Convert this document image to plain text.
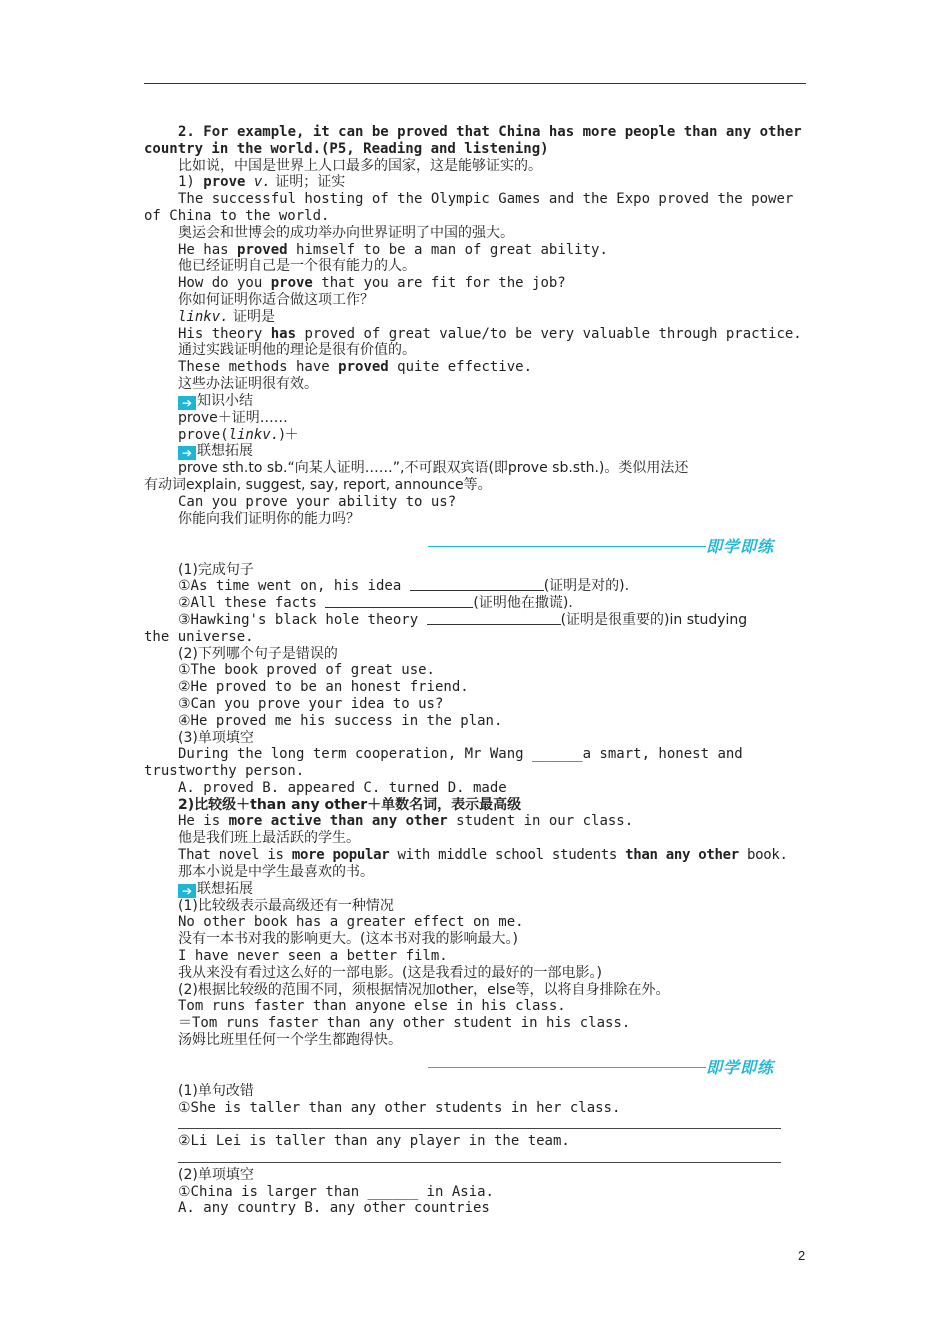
2. For example, it can be proved that China has more people than any other
country in the world.(P5, Reading and listening)
比如说，中国是世界上人口最多的国家，这是能够证实的。
1) prove v. 证明；证实
The successful hosting of the Olympic Games and the Expo proved the power
of China to the world.
奥运会和世博会的成功举办向世界证明了中国的强大。
He has proved himself to be a man of great ability.
他已经证明自己是一个很有能力的人。
How do you prove that you are fit for the job?
你如何证明你适合做这项工作？
linkv. 证明是
His theory has proved of great value/to be very valuable through practice.
通过实践证明他的理论是很有价值的。
These methods have proved quite effective.
这些办法证明很有效。
➔ 知识小结
prove＋证明……
prove(linkv.)＋
➔ 联想拓展
prove sth.to sb.“向某人证明……”,不可跟双宾语(即prove sb.sth.)。类似用法还
有动词explain, suggest, say, report, announce等。
Can you prove your ability to us?
你能向我们证明你的能力吗？
即学即练
(1)完成句子
①As time went on, his idea	(证明是对的).
②All these facts	(证明他在撒谎).
③Hawking's black hole theory	(证明是很重要的)in studying
the universe.
(2)下列哪个句子是错误的
①The book proved of great use.
②He proved to be an honest friend.
③Can you prove your idea to us?
④He proved me his success in the plan.
(3)单项填空
During the long term cooperation, Mr Wang ______a smart, honest and
trustworthy person.
A. proved B. appeared C. turned D. made
2)比较级＋than any other＋单数名词，表示最高级
He is more active than any other student in our class.
他是我们班上最活跃的学生。
That novel is more popular with middle school students than any other book.
那本小说是中学生最喜欢的书。
➔ 联想拓展
(1)比较级表示最高级还有一种情况
No other book has a greater effect on me.
没有一本书对我的影响更大。(这本书对我的影响最大。)
I have never seen a better film.
我从来没有看过这么好的一部电影。(这是我看过的最好的一部电影。)
(2)根据比较级的范围不同，须根据情况加other，else等，以将自身排除在外。
Tom runs faster than anyone else in his class.
＝Tom runs faster than any other student in his class.
汤姆比班里任何一个学生都跑得快。
即学即练
(1)单句改错
①She is taller than any other students in her class.
②Li Lei is taller than any player in the team.
(2)单项填空
①China is larger than ______ in Asia.
A. any country B. any other countries
2
